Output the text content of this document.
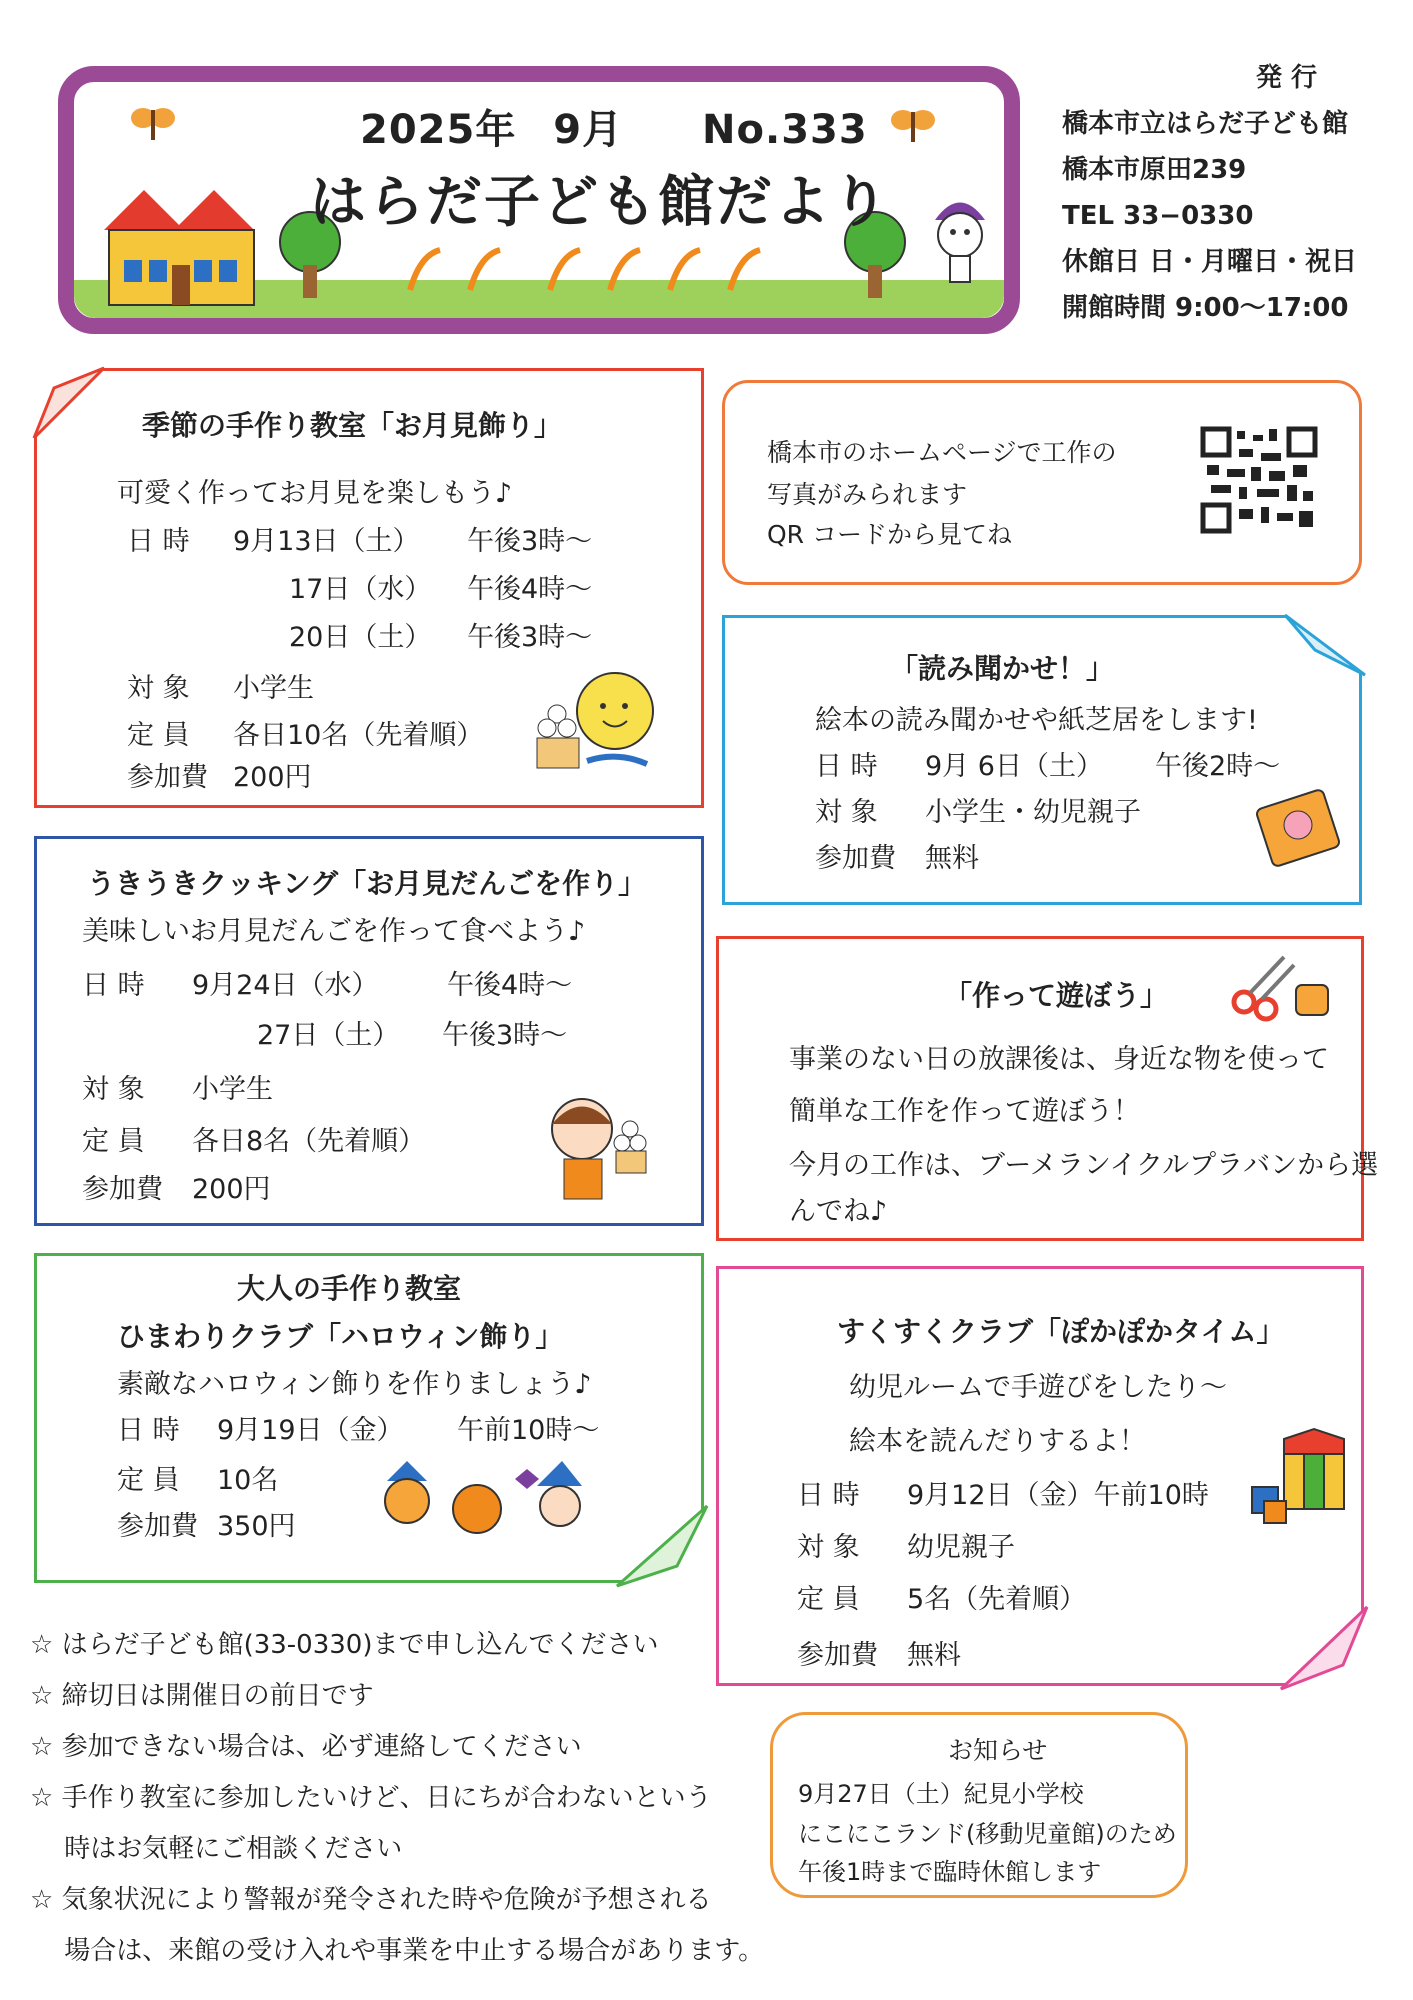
2025年 9月 No.333
はらだ子ども館だより
発 行
橋本市立はらだ子ども館
橋本市原田239
TEL 33−0330
休館日 日・月曜日・祝日
開館時間 9:00〜17:00
季節の手作り教室「お月見飾り」
可愛く作ってお月見を楽しもう♪
日 時 9月13日（土） 午後3時〜
17日（水） 午後4時〜
20日（土） 午後3時〜
対 象 小学生
定 員 各日10名（先着順）
参加費 200円
うきうきクッキング「お月見だんごを作り」
美味しいお月見だんごを作って食べよう♪
日 時 9月24日（水）	午後4時〜
27日（土） 午後3時〜
対 象 小学生
定 員 各日8名（先着順）
参加費 200円
大人の手作り教室
ひまわりクラブ「ハロウィン飾り」
素敵なハロウィン飾りを作りましょう♪
日 時 9月19日（金） 午前10時〜
定 員 10名
参加費 350円
橋本市のホームページで工作の
写真がみられます
QR コードから見てね
「読み聞かせ！」
絵本の読み聞かせや紙芝居をします!
日 時 9月 6日（土） 午後2時〜
対 象 小学生・幼児親子
参加費 無料
「作って遊ぼう」
事業のない日の放課後は、身近な物を使って
簡単な工作を作って遊ぼう！
今月の工作は、ブーメランイクルプラバンから選
んでね♪
すくすくクラブ「ぽかぽかタイム」
幼児ルームで手遊びをしたり〜
絵本を読んだりするよ！
日 時 9月12日（金）午前10時
対 象 幼児親子
定 員 5名（先着順）
参加費 無料
☆ はらだ子ども館(33-0330)まで申し込んでください
☆ 締切日は開催日の前日です
☆ 参加できない場合は、必ず連絡してください
☆ 手作り教室に参加したいけど、日にちが合わないという
　 時はお気軽にご相談ください
☆ 気象状況により警報が発令された時や危険が予想される
　 場合は、来館の受け入れや事業を中止する場合があります。
お知らせ
9月27日（土）紀見小学校
にこにこランド(移動児童館)のため
午後1時まで臨時休館します
